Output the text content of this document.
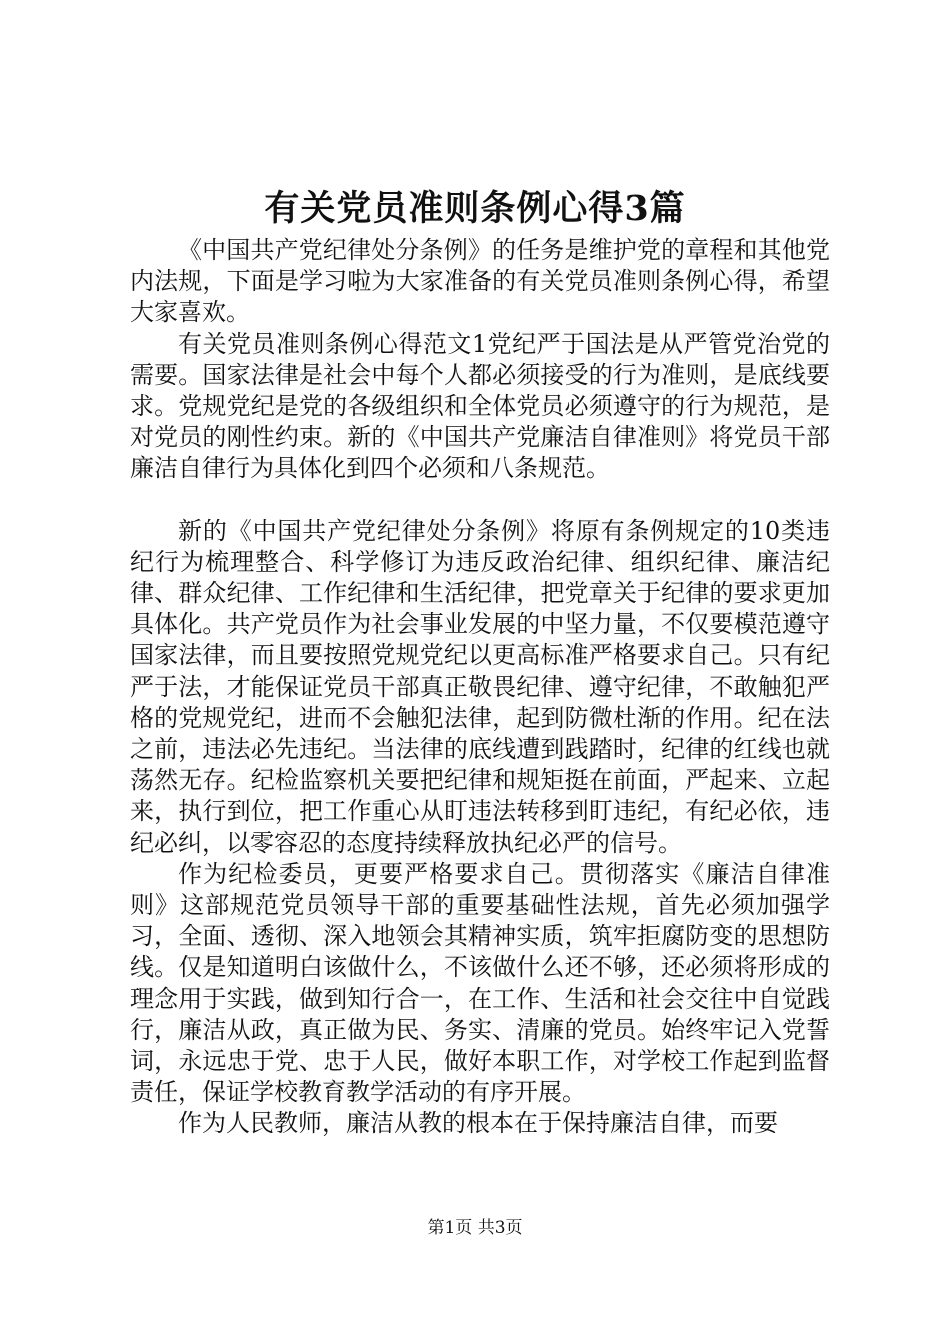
有关党员准则条例心得3篇

《中国共产党纪律处分条例》的任务是维护党的章程和其他党内法规，下面是学习啦为大家准备的有关党员准则条例心得，希望大家喜欢。

有关党员准则条例心得范文1党纪严于国法是从严管党治党的需要。国家法律是社会中每个人都必须接受的行为准则，是底线要求。党规党纪是党的各级组织和全体党员必须遵守的行为规范，是对党员的刚性约束。新的《中国共产党廉洁自律准则》将党员干部廉洁自律行为具体化到四个必须和八条规范。

新的《中国共产党纪律处分条例》将原有条例规定的10类违纪行为梳理整合、科学修订为违反政治纪律、组织纪律、廉洁纪律、群众纪律、工作纪律和生活纪律，把党章关于纪律的要求更加具体化。共产党员作为社会事业发展的中坚力量，不仅要模范遵守国家法律，而且要按照党规党纪以更高标准严格要求自己。只有纪严于法，才能保证党员干部真正敬畏纪律、遵守纪律，不敢触犯严格的党规党纪，进而不会触犯法律，起到防微杜渐的作用。纪在法之前，违法必先违纪。当法律的底线遭到践踏时，纪律的红线也就荡然无存。纪检监察机关要把纪律和规矩挺在前面，严起来、立起来，执行到位，把工作重心从盯违法转移到盯违纪，有纪必依，违纪必纠，以零容忍的态度持续释放执纪必严的信号。

作为纪检委员，更要严格要求自己。贯彻落实《廉洁自律准则》这部规范党员领导干部的重要基础性法规，首先必须加强学习，全面、透彻、深入地领会其精神实质，筑牢拒腐防变的思想防线。仅是知道明白该做什么，不该做什么还不够，还必须将形成的理念用于实践，做到知行合一，在工作、生活和社会交往中自觉践行，廉洁从政，真正做为民、务实、清廉的党员。始终牢记入党誓词，永远忠于党、忠于人民，做好本职工作，对学校工作起到监督责任，保证学校教育教学活动的有序开展。

作为人民教师，廉洁从教的根本在于保持廉洁自律，而要

第1页 共3页
